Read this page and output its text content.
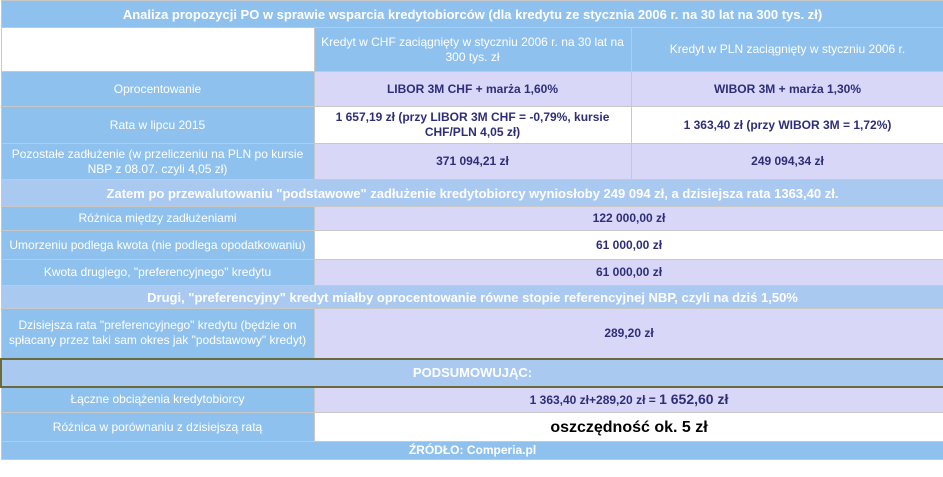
Analiza propozycji PO w sprawie wsparcia kredytobiorców (dla kredytu ze stycznia 2006 r. na 30 lat na 300 tys. zł)		
	Kredyt w CHF zaciągnięty w styczniu 2006 r. na 30 lat na 300 tys. zł	Kredyt w PLN zaciągnięty w styczniu 2006 r.
Oprocentowanie	LIBOR 3M CHF + marża 1,60%	WIBOR 3M + marża 1,30%
Rata w lipcu 2015	1 657,19 zł (przy LIBOR 3M CHF = -0,79%, kursie CHF/PLN 4,05 zł)	1 363,40 zł (przy WIBOR 3M = 1,72%)
Pozostałe zadłużenie (w przeliczeniu na PLN po kursie NBP z 08.07. czyli 4,05 zł)	371 094,21 zł	249 094,34 zł
Zatem po przewalutowaniu "podstawowe" zadłużenie kredytobiorcy wyniosłoby 249 094 zł, a dzisiejsza rata 1363,40 zł.		
Różnica między zadłużeniami	122 000,00 zł	
Umorzeniu podlega kwota (nie podlega opodatkowaniu)	61 000,00 zł	
Kwota drugiego, "preferencyjnego" kredytu	61 000,00 zł	
Drugi, "preferencyjny" kredyt miałby oprocentowanie równe stopie referencyjnej NBP, czyli na dziś 1,50%		
Dzisiejsza rata "preferencyjnego" kredytu (będzie on spłacany przez taki sam okres jak "podstawowy" kredyt)	289,20 zł	
PODSUMOWUJĄC:		
Łączne obciążenia kredytobiorcy	1 363,40 zł+289,20 zł = 1 652,60 zł	
Różnica w porównaniu z dzisiejszą ratą	oszczędność ok. 5 zł	
ŹRÓDŁO: Comperia.pl		
